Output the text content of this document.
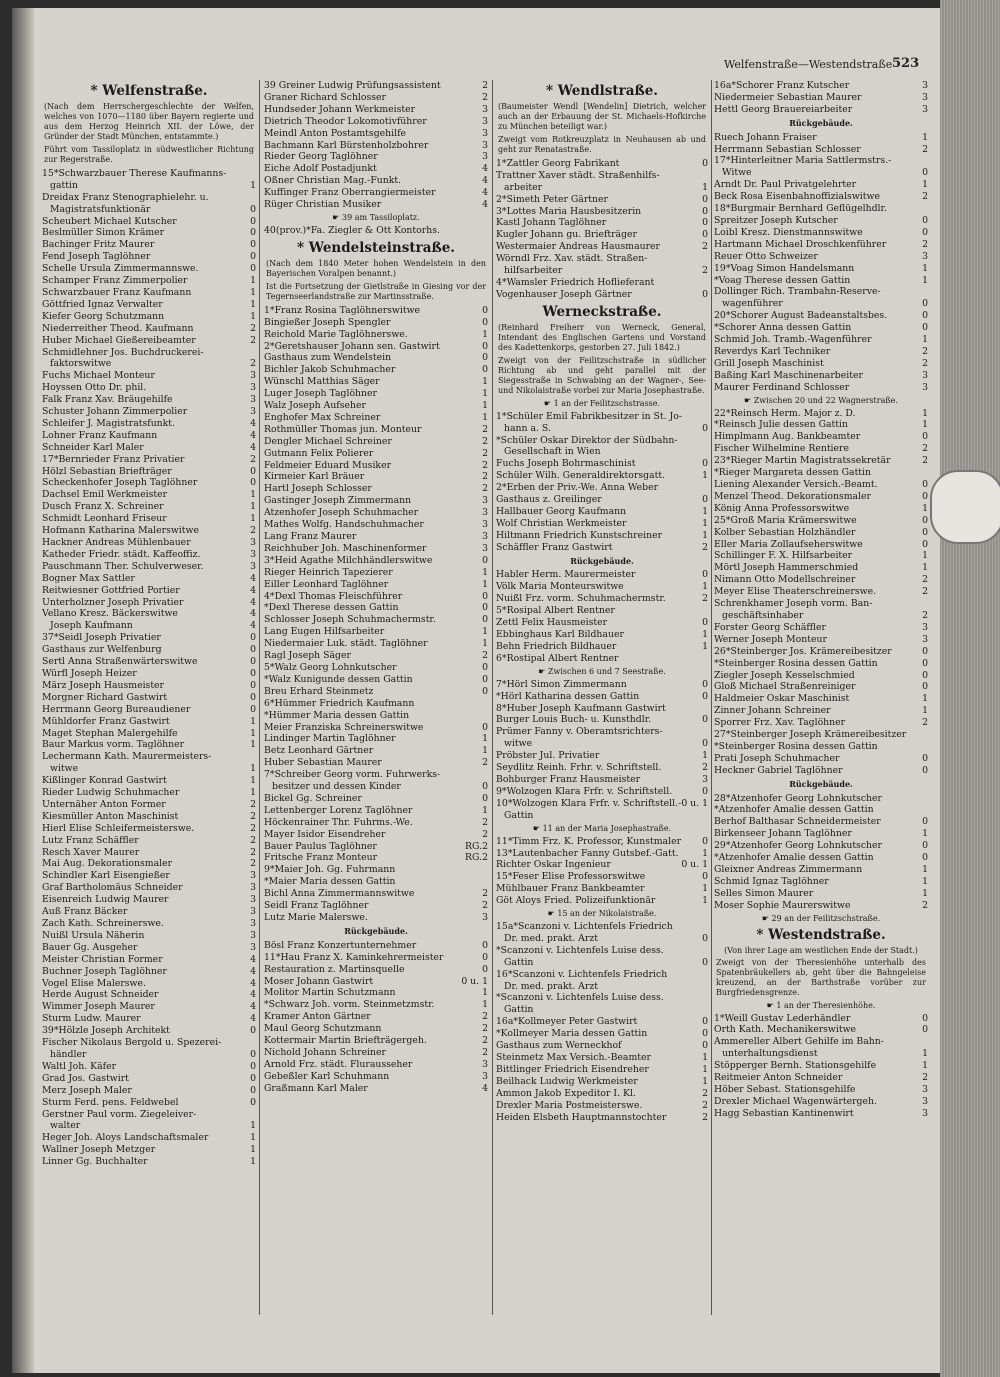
Welfenstraße—Westendstraße 523
* Welfenstraße.
(Nach dem Herrschergeschlechte der Welfen, welches von 1070—1180 über Bayern regierte und aus dem Herzog Heinrich XII. der Löwe, der Gründer der Stadt München, entstammte.)
Führt vom Tassiloplatz in südwestlicher Richtung zur Regerstraße.
15*Schwarzbauer Therese Kaufmanns-
gattin	1
Dreidax Franz Stenographielehr. u.
Magistratsfunktionär	0
Scheubert Michael Kutscher	0
Beslmüller Simon Krämer	0
Bachinger Fritz Maurer	0
Fend Joseph Taglöhner	0
Schelle Ursula Zimmermannswe.	0
Schamper Franz Zimmerpolier	1
Schwarzbauer Franz Kaufmann	1
Göttfried Ignaz Verwalter	1
Kiefer Georg Schutzmann	1
Niederreither Theod. Kaufmann	2
Huber Michael Gießereibeamter	2
Schmidlehner Jos. Buchdruckerei-
faktorswitwe	2
Fuchs Michael Monteur	3
Hoyssen Otto Dr. phil.	3
Falk Franz Xav. Bräugehilfe	3
Schuster Johann Zimmerpolier	3
Schleifer J. Magistratsfunkt.	4
Lohner Franz Kaufmann	4
Schneider Karl Maler	4
17*Bernrieder Franz Privatier	2
Hölzl Sebastian Briefträger	0
Scheckenhofer Joseph Taglöhner	0
Dachsel Emil Werkmeister	1
Dusch Franz X. Schreiner	1
Schmidt Leonhard Friseur	1
Hofmann Katharina Malerswitwe	2
Hackner Andreas Mühlenbauer	3
Katheder Friedr. städt. Kaffeoffiz.	3
Pauschmann Ther. Schulverweser.	3
Bogner Max Sattler	4
Reitwiesner Gottfried Portier	4
Unterholzner Joseph Privatier	4
Vellano Kresz. Bäckerswitwe	4
Joseph Kaufmann	4
37*Seidl Joseph Privatier	0
Gasthaus zur Welfenburg	0
Sertl Anna Straßenwärterswitwe	0
Würfl Joseph Heizer	0
März Joseph Hausmeister	0
Morgner Richard Gastwirt	0
Herrmann Georg Bureaudiener	0
Mühldorfer Franz Gastwirt	1
Maget Stephan Malergehilfe	1
Baur Markus vorm. Taglöhner	1
Lechermann Kath. Maurermeisters-
witwe	1
Kißlinger Konrad Gastwirt	1
Rieder Ludwig Schuhmacher	1
Unternäher Anton Former	2
Kiesmüller Anton Maschinist	2
Hierl Elise Schleifermeisterswe.	2
Lutz Franz Schäffler	2
Resch Xaver Maurer	2
Mai Aug. Dekorationsmaler	2
Schindler Karl Eisengießer	3
Graf Bartholomäus Schneider	3
Eisenreich Ludwig Maurer	3
Auß Franz Bäcker	3
Zach Kath. Schreinerswe.	3
Nuißl Ursula Näherin	3
Bauer Gg. Ausgeher	3
Meister Christian Former	4
Buchner Joseph Taglöhner	4
Vogel Elise Malerswe.	4
Herde August Schneider	4
Wimmer Joseph Maurer	4
Sturm Ludw. Maurer	4
39*Hölzle Joseph Architekt	0
Fischer Nikolaus Bergold u. Spezerei-
händler	0
Waltl Joh. Käfer	0
Grad Jos. Gastwirt	0
Merz Joseph Maler	0
Sturm Ferd. pens. Feldwebel	0
Gerstner Paul vorm. Ziegeleiver-
walter	1
Heger Joh. Aloys Landschaftsmaler	1
Wallner Joseph Metzger	1
Linner Gg. Buchhalter	1
39 Greiner Ludwig Prüfungsassistent	2
Graner Richard Schlosser	2
Hundseder Johann Werkmeister	3
Dietrich Theodor Lokomotivführer	3
Meindl Anton Postamtsgehilfe	3
Bachmann Karl Bürstenholzbohrer	3
Rieder Georg Taglöhner	3
Eiche Adolf Postadjunkt	4
Oßner Christian Mag.-Funkt.	4
Kuffinger Franz Oberrangiermeister	4
Rüger Christian Musiker	4
☛ 39 am Tassiloplatz.
40(prov.)*Fa. Ziegler & Ott Kontorhs.
* Wendelsteinstraße.
(Nach dem 1840 Meter hohen Wendelstein in den Bayerischen Voralpen benannt.)
Ist die Fortsetzung der Gietlstraße in Giesing vor der Tegernseerlandstraße zur Martinsstraße.
1*Franz Rosina Taglöhnerswitwe	0
Bingießer Joseph Spengler	0
Reichold Marie Taglöhnerswe.	1
2*Geretshauser Johann sen. Gastwirt	0
Gasthaus zum Wendelstein	0
Bichler Jakob Schuhmacher	0
Wünschl Matthias Säger	1
Luger Joseph Taglöhner	1
Walz Joseph Aufseher	1
Enghofer Max Schreiner	1
Rothmüller Thomas jun. Monteur	2
Dengler Michael Schreiner	2
Gutmann Felix Polierer	2
Feldmeier Eduard Musiker	2
Kirmeier Karl Bräuer	2
Hartl Joseph Schlosser	2
Gastinger Joseph Zimmermann	3
Atzenhofer Joseph Schuhmacher	3
Mathes Wolfg. Handschuhmacher	3
Lang Franz Maurer	3
Reichhuber Joh. Maschinenformer	3
3*Heid Agathe Milchhändlerswitwe	0
Rieger Heinrich Tapezierer	1
Eiller Leonhard Taglöhner	1
4*Dexl Thomas Fleischführer	0
*Dexl Therese dessen Gattin	0
Schlosser Joseph Schuhmachermstr.	0
Lang Eugen Hilfsarbeiter	1
Niedermaier Luk. städt. Taglöhner	1
Ragl Joseph Säger	2
5*Walz Georg Lohnkutscher	0
*Walz Kunigunde dessen Gattin	0
Breu Erhard Steinmetz	0
6*Hümmer Friedrich Kaufmann
*Hümmer Maria dessen Gattin
Meier Franziska Schreinerswitwe	0
Lindinger Martin Taglöhner	1
Betz Leonhard Gärtner	1
Huber Sebastian Maurer	2
7*Schreiber Georg vorm. Fuhrwerks-
besitzer und dessen Kinder	0
Bickel Gg. Schreiner	0
Lettenberger Lorenz Taglöhner	1
Höckenrainer Thr. Fuhrms.-We.	2
Mayer Isidor Eisendreher	2
Bauer Paulus Taglöhner	RG.2
Fritsche Franz Monteur	RG.2
9*Maier Joh. Gg. Fuhrmann
*Maier Maria dessen Gattin
Bichl Anna Zimmermannswitwe	2
Seidl Franz Taglöhner	2
Lutz Marie Malerswe.	3
Rückgebäude.
Bösl Franz Konzertunternehmer	0
11*Hau Franz X. Kaminkehrermeister	0
Restauration z. Martinsquelle	0
Moser Johann Gastwirt	0 u. 1
Molitor Martin Schutzmann	1
*Schwarz Joh. vorm. Steinmetzmstr.	1
Kramer Anton Gärtner	2
Maul Georg Schutzmann	2
Kottermair Martin Briefträgergeh.	2
Nichold Johann Schreiner	2
Arnold Frz. städt. Flurausseher	3
Gebeßler Karl Schuhmann	3
Graßmann Karl Maler	4
* Wendlstraße.
(Baumeister Wendl [Wendelin] Dietrich, welcher auch an der Erbauung der St. Michaels-Hofkirche zu München beteiligt war.)
Zweigt vom Rotkreuzplatz in Neuhausen ab und geht zur Renatastraße.
1*Zattler Georg Fabrikant	0
Trattner Xaver städt. Straßenhilfs-
arbeiter	1
2*Simeth Peter Gärtner	0
3*Lottes Maria Hausbesitzerin	0
Kastl Johann Taglöhner	0
Kugler Johann gu. Briefträger	0
Westermaier Andreas Hausmaurer	2
Wörndl Frz. Xav. städt. Straßen-
hilfsarbeiter	2
4*Wamsler Friedrich Hoflieferant
Vogenhauser Joseph Gärtner	0
Werneckstraße.
(Reinhard Freiherr von Werneck, General, Intendant des Englischen Gartens und Vorstand des Kadettenkorps, gestorben 27. Juli 1842.)
Zweigt von der Feilitzschstraße in südlicher Richtung ab und geht parallel mit der Siegesstraße in Schwabing an der Wagner-, See- und Nikolaistraße vorbei zur Maria Josephastraße.
☛ 1 an der Feilitzschstrasse.
1*Schüler Emil Fabrikbesitzer in St. Jo-
hann a. S.	0
*Schüler Oskar Direktor der Südbahn-
Gesellschaft in Wien
Fuchs Joseph Bohrmaschinist	0
Schüler Wilh. Generaldirektorsgatt.	1
2*Erben der Priv.-We. Anna Weber
Gasthaus z. Greilinger	0
Hallbauer Georg Kaufmann	1
Wolf Christian Werkmeister	1
Hiltmann Friedrich Kunstschreiner	1
Schäffler Franz Gastwirt	2
Rückgebäude.
Habler Herm. Maurermeister	0
Völk Maria Monteurswitwe	1
Nuißl Frz. vorm. Schuhmachermstr.	2
5*Rosipal Albert Rentner
Zettl Felix Hausmeister	0
Ebbinghaus Karl Bildhauer	1
Behn Friedrich Bildhauer	1
6*Rostipal Albert Rentner
☛ Zwischen 6 und 7 Seestraße.
7*Hörl Simon Zimmermann	0
*Hörl Katharina dessen Gattin	0
8*Huber Joseph Kaufmann Gastwirt
Burger Louis Buch- u. Kunsthdlr.	0
Prümer Fanny v. Oberamtsrichters-
witwe	0
Pröbster Jul. Privatier	1
Seydlitz Reinh. Frhr. v. Schriftstell.	2
Bohburger Franz Hausmeister	3
9*Wolzogen Klara Frfr. v. Schriftstell.	0
10*Wolzogen Klara Frfr. v. Schriftstell.- 0 u. 1
Gattin
☛ 11 an der Maria Josephastraße.
11*Timm Frz. K. Professor, Kunstmaler 0
13*Lautenbacher Fanny Gutsbef.-Gatt.	1
Richter Oskar Ingenieur	0 u. 1
15*Feser Elise Professorswitwe	0
Mühlbauer Franz Bankbeamter	1
Göt Aloys Fried. Polizeifunktionär	1
☛ 15 an der Nikolaistraße.
15a*Scanzoni v. Lichtenfels Friedrich
Dr. med. prakt. Arzt	0
*Scanzoni v. Lichtenfels Luise dess.
Gattin	0
16*Scanzoni v. Lichtenfels Friedrich
Dr. med. prakt. Arzt
*Scanzoni v. Lichtenfels Luise dess.
Gattin
16a*Kollmeyer Peter Gastwirt	0
*Kollmeyer Maria dessen Gattin	0
Gasthaus zum Werneckhof	0
Steinmetz Max Versich.-Beamter	1
Bittlinger Friedrich Eisendreher	1
Beilhack Ludwig Werkmeister	1
Ammon Jakob Expeditor I. Kl.	2
Drexler Maria Postmeisterswe.	2
Heiden Elsbeth Hauptmannstochter	2
16a*Schorer Franz Kutscher	3
Niedermeier Sebastian Maurer	3
Hettl Georg Brauereiarbeiter	3
Rückgebäude.
Ruech Johann Fraiser	1
Herrmann Sebastian Schlosser	2
17*Hinterleitner Maria Sattlermstrs.-
Witwe	0
Arndt Dr. Paul Privatgelehrter	1
Beck Rosa Eisenbahnoffizialswitwe	2
18*Burgmair Bernhard Geflügelhdlr.
Spreitzer Joseph Kutscher	0
Loibl Kresz. Dienstmannswitwe	0
Hartmann Michael Droschkenführer	2
Reuer Otto Schweizer	3
19*Voag Simon Handelsmann	1
*Voag Therese dessen Gattin	1
Dollinger Rich. Trambahn-Reserve-
wagenführer	0
20*Schorer August Badeanstaltsbes.	0
*Schorer Anna dessen Gattin	0
Schmid Joh. Tramb.-Wagenführer	1
Reverdys Karl Techniker	2
Grill Joseph Maschinist	2
Baßing Karl Maschinenarbeiter	3
Maurer Ferdinand Schlosser	3
☛ Zwischen 20 und 22 Wagnerstraße.
22*Reinsch Herm. Major z. D.	1
*Reinsch Julie dessen Gattin	1
Himplmann Aug. Bankbeamter	0
Fischer Wilhelmine Rentiere	2
23*Rieger Martin Magistratssekretär	2
*Rieger Margareta dessen Gattin
Liening Alexander Versich.-Beamt.	0
Menzel Theod. Dekorationsmaler	0
König Anna Professorswitwe	1
25*Groß Maria Krämerswitwe	0
Kolber Sebastian Holzhändler	0
Eller Maria Zollaufseherswitwe	0
Schillinger F. X. Hilfsarbeiter	1
Mörtl Joseph Hammerschmied	1
Nimann Otto Modellschreiner	2
Meyer Elise Theaterschreinerswe.	2
Schrenkhamer Joseph vorm. Ban-
geschäftsinhaber	2
Forster Georg Schäffler	3
Werner Joseph Monteur	3
26*Steinberger Jos. Krämereibesitzer	0
*Steinberger Rosina dessen Gattin	0
Ziegler Joseph Kesselschmied	0
Gloß Michael Straßenreiniger	0
Haldmeier Oskar Maschinist	1
Zinner Johann Schreiner	1
Sporrer Frz. Xav. Taglöhner	2
27*Steinberger Joseph Krämereibesitzer
*Steinberger Rosina dessen Gattin
Prati Joseph Schuhmacher	0
Heckner Gabriel Taglöhner	0
Rückgebäude.
28*Atzenhofer Georg Lohnkutscher
*Atzenhofer Amalie dessen Gattin
Berhof Balthasar Schneidermeister	0
Birkenseer Johann Taglöhner	1
29*Atzenhofer Georg Lohnkutscher	0
*Atzenhofer Amalie dessen Gattin	0
Gleixner Andreas Zimmermann	1
Schmid Ignaz Taglöhner	1
Selles Simon Maurer	1
Moser Sophie Maurerswitwe	2
☛ 29 an der Feilitzschstraße.
* Westendstraße.
(Von ihrer Lage am westlichen Ende der Stadt.)
Zweigt von der Theresienhöhe unterhalb des Spatenbräukellers ab, geht über die Bahngeleise kreuzend, an der Barthstraße vorüber zur Burgfriedensgrenze.
☛ 1 an der Theresienhöhe.
1*Weill Gustav Lederhändler	0
Orth Kath. Mechanikerswitwe	0
Ammereller Albert Gehilfe im Bahn-
unterhaltungsdienst	1
Stöpperger Bernh. Stationsgehilfe	1
Reitmeier Anton Schneider	2
Höber Sebast. Stationsgehilfe	3
Drexler Michael Wagenwärtergeh.	3
Hagg Sebastian Kantinenwirt	3
